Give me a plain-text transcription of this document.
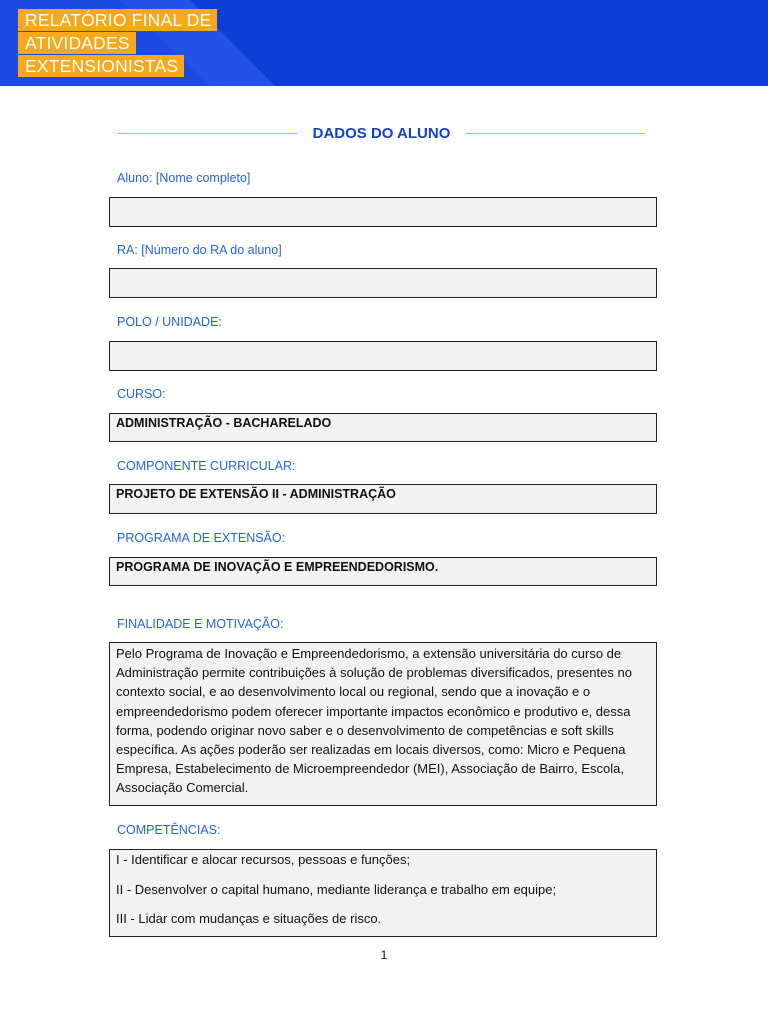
RELATÓRIO FINAL DE
ATIVIDADES
EXTENSIONISTAS
DADOS DO ALUNO
Aluno: [Nome completo]
RA: [Número do RA do aluno]
POLO / UNIDADE:
CURSO:
ADMINISTRAÇÃO - BACHARELADO
COMPONENTE CURRICULAR:
PROJETO DE EXTENSÃO II - ADMINISTRAÇÃO
PROGRAMA DE EXTENSÃO:
PROGRAMA DE INOVAÇÃO E EMPREENDEDORISMO.
FINALIDADE E MOTIVAÇÃO:
Pelo Programa de Inovação e Empreendedorismo, a extensão universitária do curso de Administração permite contribuições à solução de problemas diversificados, presentes no contexto social, e ao desenvolvimento local ou regional, sendo que a inovação e o empreendedorismo podem oferecer importante impactos econômico e produtivo e, dessa forma, podendo originar novo saber e o desenvolvimento de competências e soft skills específica. As ações poderão ser realizadas em locais diversos, como: Micro e Pequena Empresa, Estabelecimento de Microempreendedor (MEI), Associação de Bairro, Escola, Associação Comercial.
COMPETÊNCIAS:
I - Identificar e alocar recursos, pessoas e funções;
II - Desenvolver o capital humano, mediante liderança e trabalho em equipe;
III - Lidar com mudanças e situações de risco.
1
